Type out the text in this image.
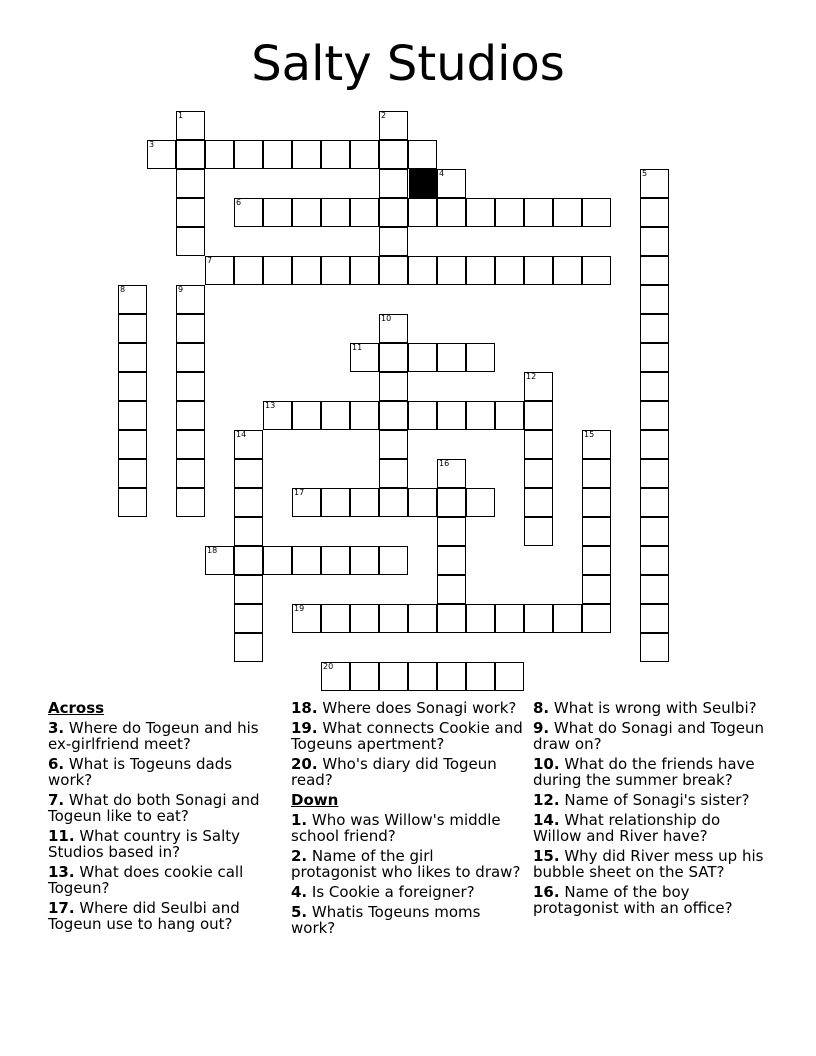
Salty Studios
1	2
3
4	5
6
7
8	9
10
11
12
13
14	15
16
17
18
19
20
Across
3. Where do Togeun and his ex-girlfriend meet?
6. What is Togeuns dads work?
7. What do both Sonagi and Togeun like to eat?
11. What country is Salty Studios based in?
13. What does cookie call Togeun?
17. Where did Seulbi and Togeun use to hang out?
18. Where does Sonagi work?
19. What connects Cookie and Togeuns apertment?
20. Who's diary did Togeun read?
Down
1. Who was Willow's middle school friend?
2. Name of the girl protagonist who likes to draw?
4. Is Cookie a foreigner?
5. Whatis Togeuns moms work?
8. What is wrong with Seulbi?
9. What do Sonagi and Togeun draw on?
10. What do the friends have during the summer break?
12. Name of Sonagi's sister?
14. What relationship do Willow and River have?
15. Why did River mess up his bubble sheet on the SAT?
16. Name of the boy protagonist with an office?
